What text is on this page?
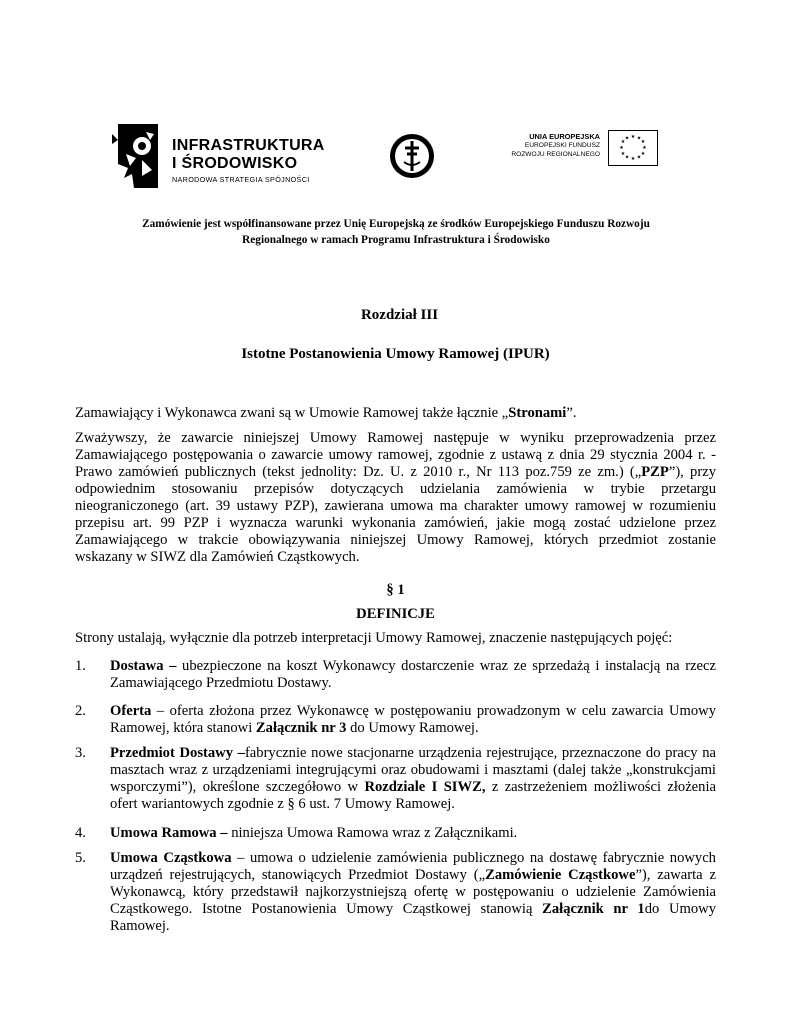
INFRASTRUKTURA
I ŚRODOWISKO
NARODOWA STRATEGIA SPÓJNOŚCI
UNIA EUROPEJSKA
EUROPEJSKI FUNDUSZ
ROZWOJU REGIONALNEGO
★ ★
★
★
★
★
★
★
★
★
★
★
Zamówienie jest współfinansowane przez Unię Europejską ze środków Europejskiego Funduszu Rozwoju
Regionalnego w ramach Programu Infrastruktura i Środowisko
Rozdział III
Istotne Postanowienia Umowy Ramowej (IPUR)
Zamawiający i Wykonawca zwani są w Umowie Ramowej także łącznie „Stronami”.
Zważywszy, że zawarcie niniejszej Umowy Ramowej następuje w wyniku przeprowadzenia przez Zamawiającego postępowania o zawarcie umowy ramowej, zgodnie z ustawą z dnia 29 stycznia 2004 r. - Prawo zamówień publicznych (tekst jednolity: Dz. U. z 2010 r., Nr 113 poz.759 ze zm.) („PZP”), przy odpowiednim stosowaniu przepisów dotyczących udzielania zamówienia w trybie przetargu nieograniczonego (art. 39 ustawy PZP), zawierana umowa ma charakter umowy ramowej w rozumieniu przepisu art. 99 PZP i wyznacza warunki wykonania zamówień, jakie mogą zostać udzielone przez Zamawiającego w trakcie obowiązywania niniejszej Umowy Ramowej, których przedmiot zostanie wskazany w SIWZ dla Zamówień Cząstkowych.
§ 1
DEFINICJE
Strony ustalają, wyłącznie dla potrzeb interpretacji Umowy Ramowej, znaczenie następujących pojęć:
1. Dostawa – ubezpieczone na koszt Wykonawcy dostarczenie wraz ze sprzedażą i instalacją na rzecz Zamawiającego Przedmiotu Dostawy.
2. Oferta – oferta złożona przez Wykonawcę w postępowaniu prowadzonym w celu zawarcia Umowy Ramowej, która stanowi Załącznik nr 3 do Umowy Ramowej.
3. Przedmiot Dostawy –fabrycznie nowe stacjonarne urządzenia rejestrujące, przeznaczone do pracy na masztach wraz z urządzeniami integrującymi oraz obudowami i masztami (dalej także „konstrukcjami wsporczymi”), określone szczegółowo w Rozdziale I SIWZ, z zastrzeżeniem możliwości złożenia ofert wariantowych zgodnie z § 6 ust. 7 Umowy Ramowej.
4. Umowa Ramowa – niniejsza Umowa Ramowa wraz z Załącznikami.
5. Umowa Cząstkowa – umowa o udzielenie zamówienia publicznego na dostawę fabrycznie nowych urządzeń rejestrujących, stanowiących Przedmiot Dostawy („Zamówienie Cząstkowe”), zawarta z Wykonawcą, który przedstawił najkorzystniejszą ofertę w postępowaniu o udzielenie Zamówienia Cząstkowego. Istotne Postanowienia Umowy Cząstkowej stanowią Załącznik nr 1do Umowy Ramowej.
